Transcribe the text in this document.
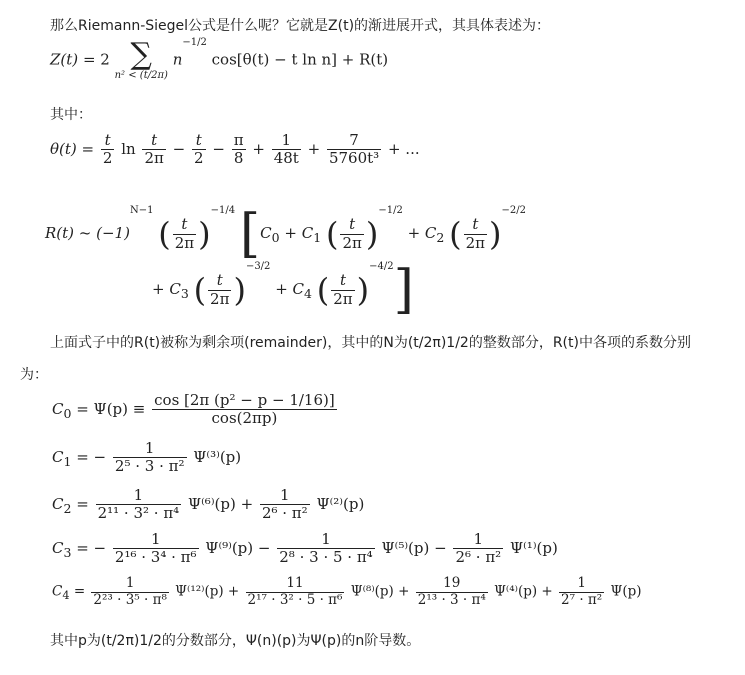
那么Riemann-Siegel公式是什么呢？它就是Z(t)的渐进展开式，其具体表述为：
Z(t) = 2 ∑
n² < (t/2π)
$n^{-1/2}$ cos[θ(t) − t ln n] + R(t)
其中：
$\theta(t) = \frac{t}{2}$ $\ln \frac{t}{2\pi} - \frac{t}{2} - \frac{\pi}{8} + \frac{1}{48t} + \frac{7}{\text{5760t³}}$ + ...
R(t) ~ $(-1)^{N-1}$ ( $\frac{t}{2\pi} )^{-1/4}$ [$C_0 + C_1$ ( $\frac{t}{2\pi} )^{-1/2} + C_2$ ( $\frac{t}{2\pi} )^{-2/2}$
+ $C_3$ ( $\frac{t}{2\pi} )^{-3/2} + C_4$ ( $\frac{t}{2\pi} )^{-4/2}$]
上面式子中的R(t)被称为剩余项(remainder)，其中的N为(t/2π)1/2的整数部分，R(t)中各项的系数分别
为：
$C_0 = \Psi(p) \equiv \frac{\text{cos [2π (p² − p − 1/16)]}}{\cos(2\pi p)}$
$C_1$ = − $\frac{1}{\text{2⁵ · 3 · π²}} \Psi^{(3)}(p)$
$C_2 = \frac{1}{\text{2¹¹ · 3² · π⁴}} \Psi^{(6)}(p) + \frac{1}{\text{2⁶ · π²}} \Psi^{(2)}(p)$
$C_3$ = − $\frac{1}{\text{2¹⁶ · 3⁴ · π⁶}} \Psi^{(9)}(p) - \frac{1}{\text{2⁸ · 3 · 5 · π⁴}} \Psi^{(5)}(p) - \frac{1}{\text{2⁶ · π²}} \Psi^{(1)}(p)$
$C_4 = \frac{1}{\text{2²³ · 3⁵ · π⁸}} \Psi^{(12)}(p) + \frac{11}{\text{2¹⁷ · 3² · 5 · π⁶}} \Psi^{(8)}(p) + \frac{19}{\text{2¹³ · 3 · π⁴}} \Psi^{(4)}(p) + \frac{1}{\text{2⁷ · π²}} \Psi(p)$
其中p为(t/2π)1/2的分数部分，Ψ(n)(p)为Ψ(p)的n阶导数。
